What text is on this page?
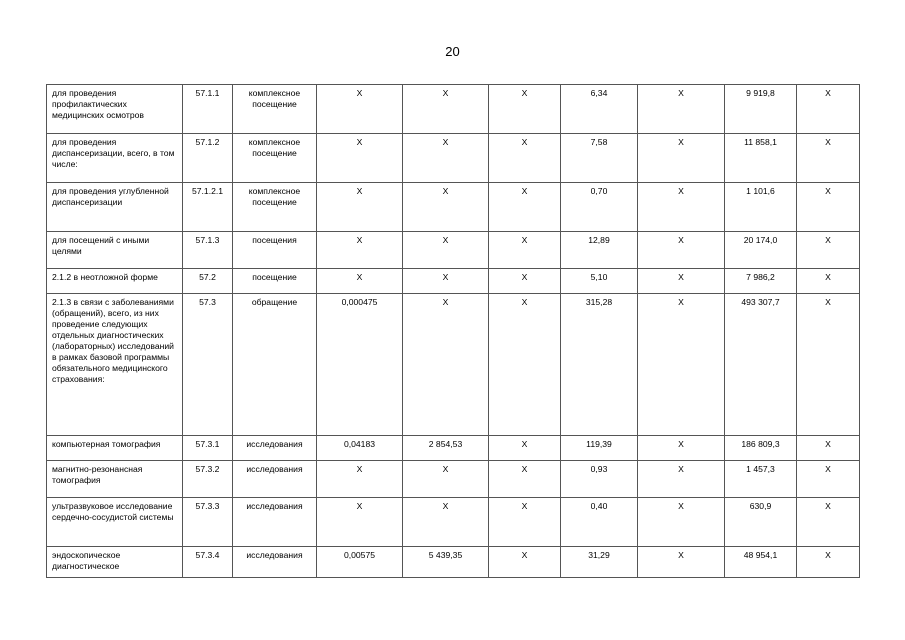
20
для проведения профилактических медицинских осмотров	57.1.1	комплексное посещение	X	X	X	6,34	X	9 919,8	X
для проведения диспансеризации, всего, в том числе:	57.1.2	комплексное посещение	X	X	X	7,58	X	11 858,1	X
для проведения углубленной диспансеризации	57.1.2.1	комплексное посещение	X	X	X	0,70	X	1 101,6	X
для посещений с иными целями	57.1.3	посещения	X	X	X	12,89	X	20 174,0	X
2.1.2 в неотложной форме	57.2	посещение	X	X	X	5,10	X	7 986,2	X
2.1.3 в связи с заболеваниями (обращений), всего, из них проведение следующих отдельных диагностических (лабораторных) исследований в рамках базовой программы обязательного медицинского страхования:	57.3	обращение	0,000475	X	X	315,28	X	493 307,7	X
компьютерная томография	57.3.1	исследования	0,04183	2 854,53	X	119,39	X	186 809,3	X
магнитно-резонансная томография	57.3.2	исследования	X	X	X	0,93	X	1 457,3	X
ультразвуковое исследование сердечно-сосудистой системы	57.3.3	исследования	X	X	X	0,40	X	630,9	X
эндоскопическое диагностическое	57.3.4	исследования	0,00575	5 439,35	X	31,29	X	48 954,1	X
